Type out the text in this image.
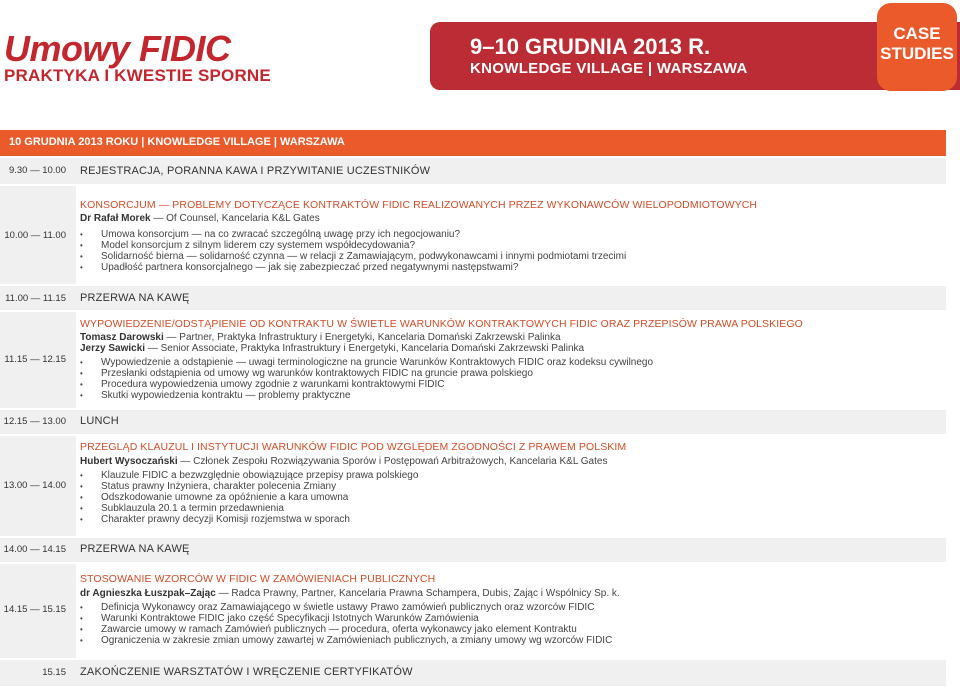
Umowy FIDIC
PRAKTYKA I KWESTIE SPORNE
9–10 GRUDNIA 2013 R.
KNOWLEDGE VILLAGE | WARSZAWA
CASE
STUDIES
10 GRUDNIA 2013 ROKU | KNOWLEDGE VILLAGE | WARSZAWA
9.30 — 10.00 REJESTRACJA, PORANNA KAWA I PRZYWITANIE UCZESTNIKÓW
10.00 — 11.00
KONSORCJUM — PROBLEMY DOTYCZĄCE KONTRAKTÓW FIDIC REALIZOWANYCH PRZEZ WYKONAWCÓW WIELOPODMIOTOWYCH
Dr Rafał Morek — Of Counsel, Kancelaria K&L Gates
• Umowa konsorcjum — na co zwracać szczególną uwagę przy ich negocjowaniu?
• Model konsorcjum z silnym liderem czy systemem współdecydowania?
• Solidarność bierna — solidarność czynna — w relacji z Zamawiającym, podwykonawcami i innymi podmiotami trzecimi
• Upadłość partnera konsorcjalnego — jak się zabezpieczać przed negatywnymi następstwami?
11.00 — 11.15 PRZERWA NA KAWĘ
11.15 — 12.15
WYPOWIEDZENIE/ODSTĄPIENIE OD KONTRAKTU W ŚWIETLE WARUNKÓW KONTRAKTOWYCH FIDIC ORAZ PRZEPISÓW PRAWA POLSKIEGO
Tomasz Darowski — Partner, Praktyka Infrastruktury i Energetyki, Kancelaria Domański Zakrzewski Palinka
Jerzy Sawicki — Senior Associate, Praktyka Infrastruktury i Energetyki, Kancelaria Domański Zakrzewski Palinka
• Wypowiedzenie a odstąpienie — uwagi terminologiczne na gruncie Warunków Kontraktowych FIDIC oraz kodeksu cywilnego
• Przesłanki odstąpienia od umowy wg warunków kontraktowych FIDIC na gruncie prawa polskiego
• Procedura wypowiedzenia umowy zgodnie z warunkami kontraktowymi FIDIC
• Skutki wypowiedzenia kontraktu — problemy praktyczne
12.15 — 13.00 LUNCH
13.00 — 14.00
PRZEGLĄD KLAUZUL I INSTYTUCJI WARUNKÓW FIDIC POD WZGLĘDEM ZGODNOŚCI Z PRAWEM POLSKIM
Hubert Wysoczański — Członek Zespołu Rozwiązywania Sporów i Postępowań Arbitrażowych, Kancelaria K&L Gates
• Klauzule FIDIC a bezwzględnie obowiązujące przepisy prawa polskiego
• Status prawny Inżyniera, charakter polecenia Zmiany
• Odszkodowanie umowne za opóźnienie a kara umowna
• Subklauzula 20.1 a termin przedawnienia
• Charakter prawny decyzji Komisji rozjemstwa w sporach
14.00 — 14.15 PRZERWA NA KAWĘ
14.15 — 15.15
STOSOWANIE WZORCÓW W FIDIC W ZAMÓWIENIACH PUBLICZNYCH
dr Agnieszka Łuszpak–Zając — Radca Prawny, Partner, Kancelaria Prawna Schampera, Dubis, Zając i Wspólnicy Sp. k.
• Definicja Wykonawcy oraz Zamawiającego w świetle ustawy Prawo zamówień publicznych oraz wzorców FIDIC
• Warunki Kontraktowe FIDIC jako część Specyfikacji Istotnych Warunków Zamówienia
• Zawarcie umowy w ramach Zamówień publicznych — procedura, oferta wykonawcy jako element Kontraktu
• Ograniczenia w zakresie zmian umowy zawartej w Zamówieniach publicznych, a zmiany umowy wg wzorców FIDIC
15.15 ZAKOŃCZENIE WARSZTATÓW I WRĘCZENIE CERTYFIKATÓW
